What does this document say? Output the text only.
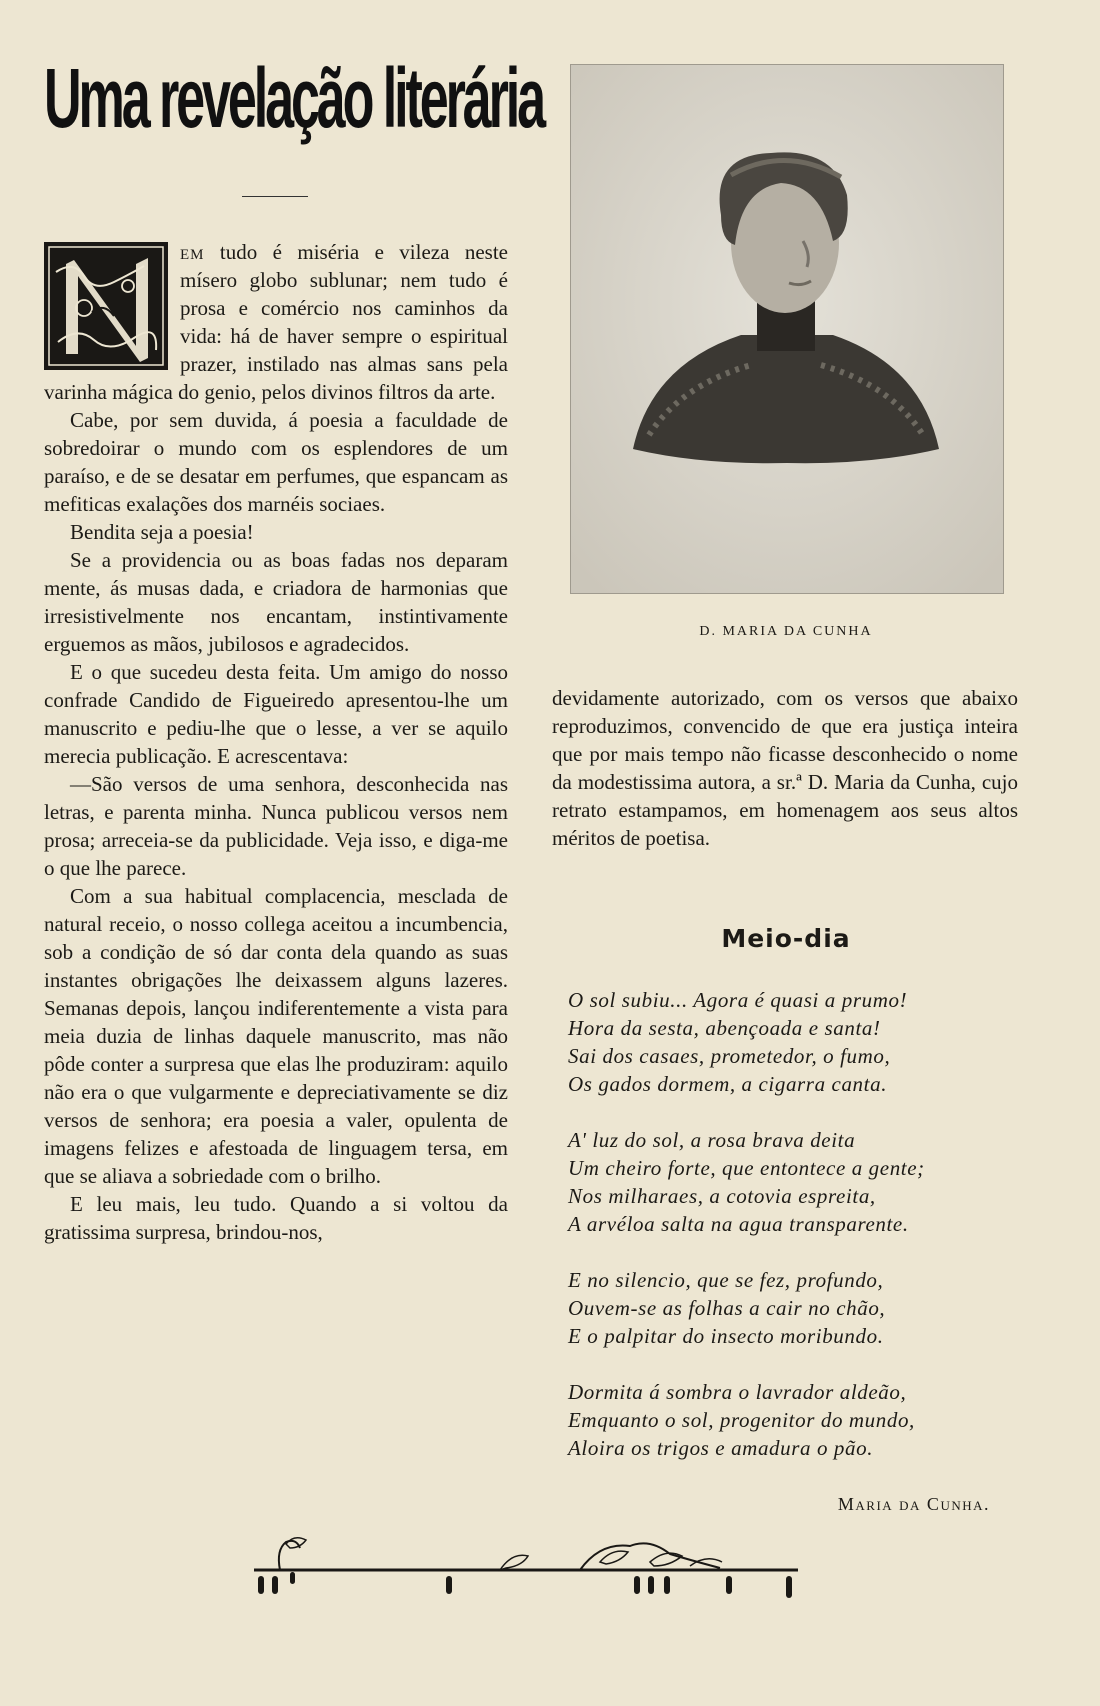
Uma revelação literária

em tudo é miséria e vileza neste mísero globo sublunar; nem tudo é prosa e comércio nos caminhos da vida: há de haver sempre o espiritual prazer, instilado nas almas sans pela varinha mágica do genio, pelos divinos filtros da arte.

Cabe, por sem duvida, á poesia a faculdade de sobredoirar o mundo com os esplendores de um paraíso, e de se desatar em perfumes, que espancam as mefiticas exalações dos marnéis sociaes.

Bendita seja a poesia!

Se a providencia ou as boas fadas nos deparam mente, ás musas dada, e criadora de harmonias que irresistivelmente nos encantam, instintivamente erguemos as mãos, jubilosos e agradecidos.

E o que sucedeu desta feita. Um amigo do nosso confrade Candido de Figueiredo apresentou-lhe um manuscrito e pediu-lhe que o lesse, a ver se aquilo merecia publicação. E acrescentava:

—São versos de uma senhora, desconhecida nas letras, e parenta minha. Nunca publicou versos nem prosa; arreceia-se da publicidade. Veja isso, e diga-me o que lhe parece.

Com a sua habitual complacencia, mesclada de natural receio, o nosso collega aceitou a incumbencia, sob a condição de só dar conta dela quando as suas instantes obrigações lhe deixassem alguns lazeres. Semanas depois, lançou indiferentemente a vista para meia duzia de linhas daquele manuscrito, mas não pôde conter a surpresa que elas lhe produziram: aquilo não era o que vulgarmente e depreciativamente se diz versos de senhora; era poesia a valer, opulenta de imagens felizes e afestoada de linguagem tersa, em que se aliava a sobriedade com o brilho.

E leu mais, leu tudo. Quando a si voltou da gratissima surpresa, brindou-nos,

D. MARIA DA CUNHA

devidamente autorizado, com os versos que abaixo reproduzimos, convencido de que era justiça inteira que por mais tempo não ficasse desconhecido o nome da modestissima autora, a sr.ª D. Maria da Cunha, cujo retrato estampamos, em homenagem aos seus altos méritos de poetisa.

Meio-dia
O sol subiu... Agora é quasi a prumo!
Hora da sesta, abençoada e santa!
Sai dos casaes, prometedor, o fumo,
Os gados dormem, a cigarra canta.
A' luz do sol, a rosa brava deita
Um cheiro forte, que entontece a gente;
Nos milharaes, a cotovia espreita,
A arvéloa salta na agua transparente.
E no silencio, que se fez, profundo,
Ouvem-se as folhas a cair no chão,
E o palpitar do insecto moribundo.
Dormita á sombra o lavrador aldeão,
Emquanto o sol, progenitor do mundo,
Aloira os trigos e amadura o pão.
Maria da Cunha.
